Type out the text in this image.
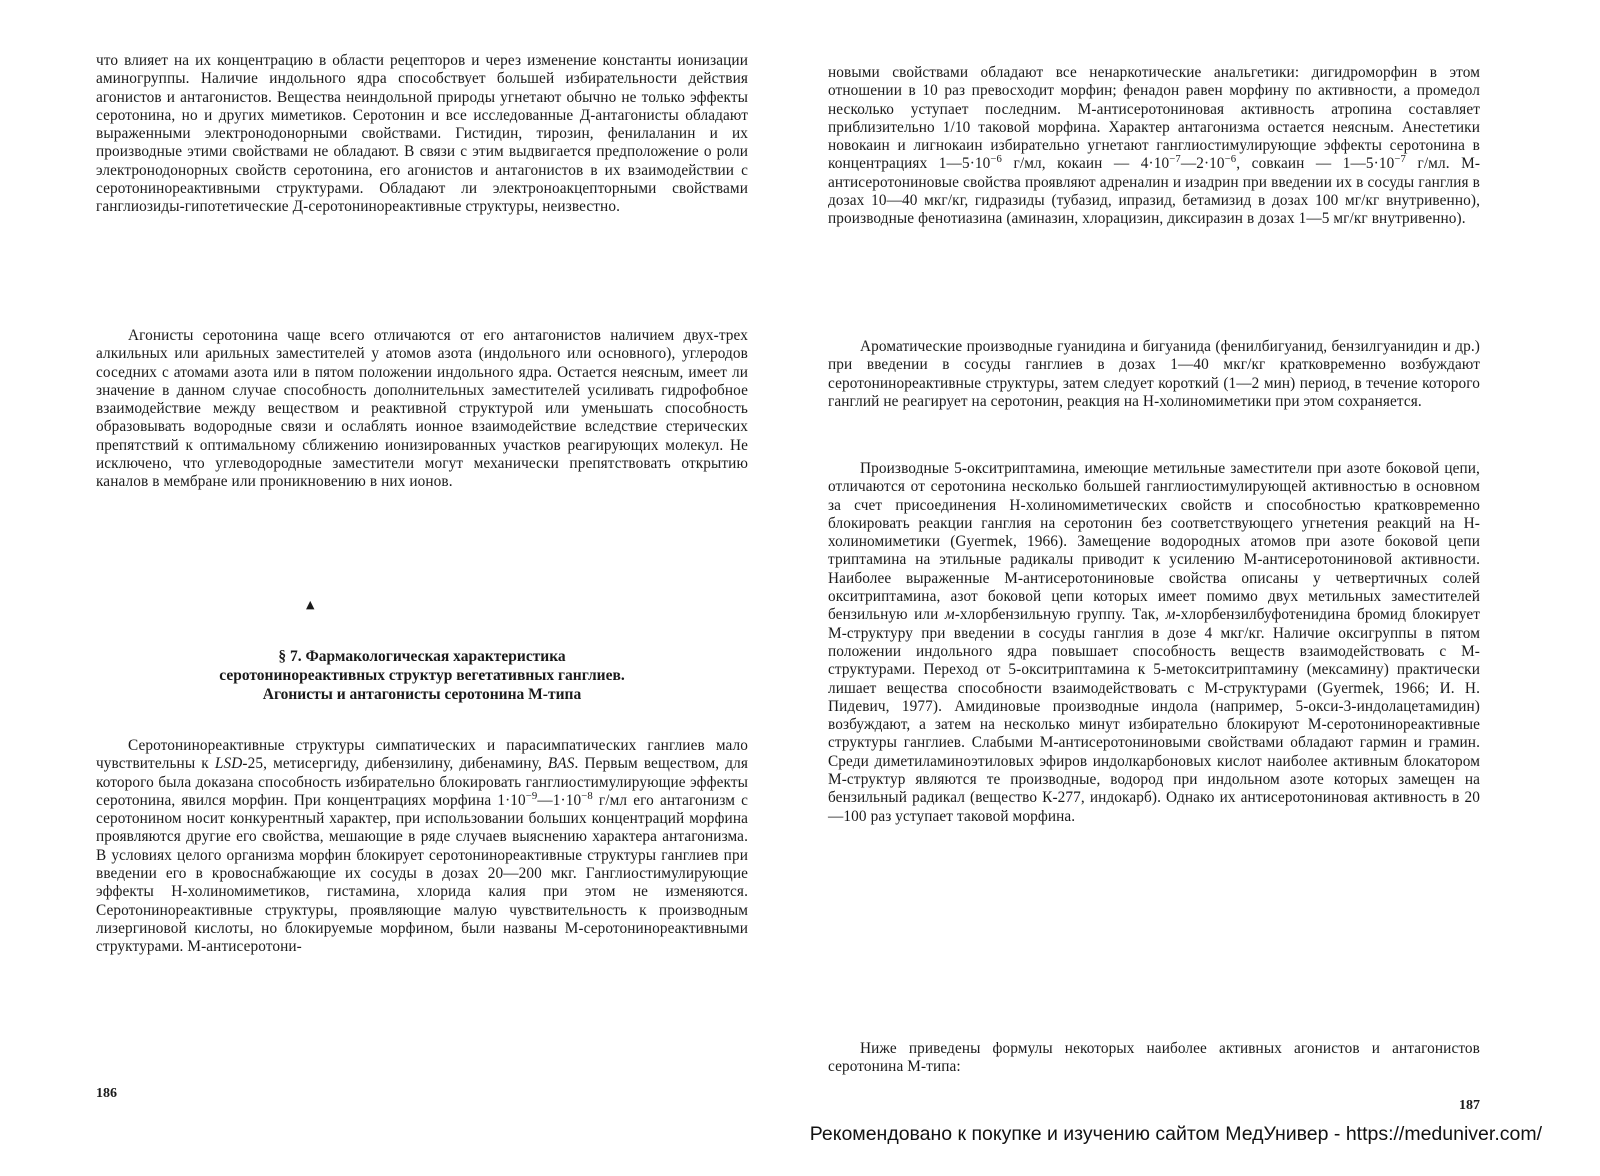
что влияет на их концентрацию в области рецепторов и через изменение константы ионизации аминогруппы. Наличие индольного ядра способствует большей избирательности действия агонистов и антагонистов. Вещества неиндольной природы угнетают обычно не только эффекты серотонина, но и других миметиков. Серотонин и все исследованные Д-антагонисты обладают выраженными электронодонорными свойствами. Гистидин, тирозин, фенилаланин и их производные этими свойствами не обладают. В связи с этим выдвигается предположение о роли электронодонорных свойств серотонина, его агонистов и антагонистов в их взаимодействии с серотонинореактивными структурами. Обладают ли электроноакцепторными свойствами ганглиозиды-гипотетические Д-серотонинореактивные структуры, неизвестно.

Агонисты серотонина чаще всего отличаются от его антагонистов наличием двух-трех алкильных или арильных заместителей у атомов азота (индольного или основного), углеродов соседних с атомами азота или в пятом положении индольного ядра. Остается неясным, имеет ли значение в данном случае способность дополнительных заместителей усиливать гидрофобное взаимодействие между веществом и реактивной структурой или уменьшать способность образовывать водородные связи и ослаблять ионное взаимодействие вследствие стерических препятствий к оптимальному сближению ионизированных участков реагирующих молекул. Не исключено, что углеводородные заместители могут механически препятствовать открытию каналов в мембране или проникновению в них ионов.

▲
§ 7. Фармакологическая характеристика
серотонинореактивных структур вегетативных ганглиев.
Агонисты и антагонисты серотонина М-типа

Серотонинореактивные структуры симпатических и парасимпатических ганглиев мало чувствительны к LSD-25, метисергиду, дибензилину, дибенамину, BAS. Первым веществом, для которого была доказана способность избирательно блокировать ганглиостимулирующие эффекты серотонина, явился морфин. При концентрациях морфина $1\cdot 10^{-9}—1\cdot 10^{-8}$ г/мл его антагонизм с серотонином носит конкурентный характер, при использовании больших концентраций морфина проявляются другие его свойства, мешающие в ряде случаев выяснению характера антагонизма. В условиях целого организма морфин блокирует серотонинореактивные структуры ганглиев при введении его в кровоснабжающие их сосуды в дозах 20—200 мкг. Ганглиостимулирующие эффекты Н-холиномиметиков, гистамина, хлорида калия при этом не изменяются. Серотонинореактивные структуры, проявляющие малую чувствительность к производным лизергиновой кислоты, но блокируемые морфином, были названы М-серотонинореактивными структурами. М-антисеротони-

186

новыми свойствами обладают все ненаркотические анальгетики: дигидроморфин в этом отношении в 10 раз превосходит морфин; фенадон равен морфину по активности, а промедол несколько уступает последним. М-антисеротониновая активность атропина составляет приблизительно 1/10 таковой морфина. Характер антагонизма остается неясным. Анестетики новокаин и лигнокаин избирательно угнетают ганглиостимулирующие эффекты серотонина в концентрациях $1—5\cdot 10^{-6}$ г/мл, кокаин — $4\cdot 10^{-7}—2\cdot 10^{-6}$, совкаин — $1—5\cdot 10^{-7}$ г/мл. М-антисеротониновые свойства проявляют адреналин и изадрин при введении их в сосуды ганглия в дозах 10—40 мкг/кг, гидразиды (тубазид, ипразид, бетамизид в дозах 100 мг/кг внутривенно), производные фенотиазина (аминазин, хлорацизин, диксиразин в дозах 1—5 мг/кг внутривенно).

Ароматические производные гуанидина и бигуанида (фенилбигуанид, бензилгуанидин и др.) при введении в сосуды ганглиев в дозах 1—40 мкг/кг кратковременно возбуждают серотонинореактивные структуры, затем следует короткий (1—2 мин) период, в течение которого ганглий не реагирует на серотонин, реакция на Н-холиномиметики при этом сохраняется.

Производные 5-окситриптамина, имеющие метильные заместители при азоте боковой цепи, отличаются от серотонина несколько большей ганглиостимулирующей активностью в основном за счет присоединения Н-холиномиметических свойств и способностью кратковременно блокировать реакции ганглия на серотонин без соответствующего угнетения реакций на Н-холиномиметики (Gyermek, 1966). Замещение водородных атомов при азоте боковой цепи триптамина на этильные радикалы приводит к усилению М-антисеротониновой активности. Наиболее выраженные М-антисеротониновые свойства описаны у четвертичных солей окситриптамина, азот боковой цепи которых имеет помимо двух метильных заместителей бензильную или м-хлорбензильную группу. Так, м-хлорбензилбуфотенидина бромид блокирует М-структуру при введении в сосуды ганглия в дозе 4 мкг/кг. Наличие оксигруппы в пятом положении индольного ядра повышает способность веществ взаимодействовать с М-структурами. Переход от 5-окситриптамина к 5-метокситриптамину (мексамину) практически лишает вещества способности взаимодействовать с М-структурами (Gyermek, 1966; И. Н. Пидевич, 1977). Амидиновые производные индола (например, 5-окси-3-индолацетамидин) возбуждают, а затем на несколько минут избирательно блокируют М-серотонинореактивные структуры ганглиев. Слабыми М-антисеротониновыми свойствами обладают гармин и грамин. Среди диметиламиноэтиловых эфиров индолкарбоновых кислот наиболее активным блокатором М-структур являются те производные, водород при индольном азоте которых замещен на бензильный радикал (вещество К-277, индокарб). Однако их антисеротониновая активность в 20—100 раз уступает таковой морфина.

Ниже приведены формулы некоторых наиболее активных агонистов и антагонистов серотонина М-типа:

187
Рекомендовано к покупке и изучению сайтом МедУнивер - https://meduniver.com/
